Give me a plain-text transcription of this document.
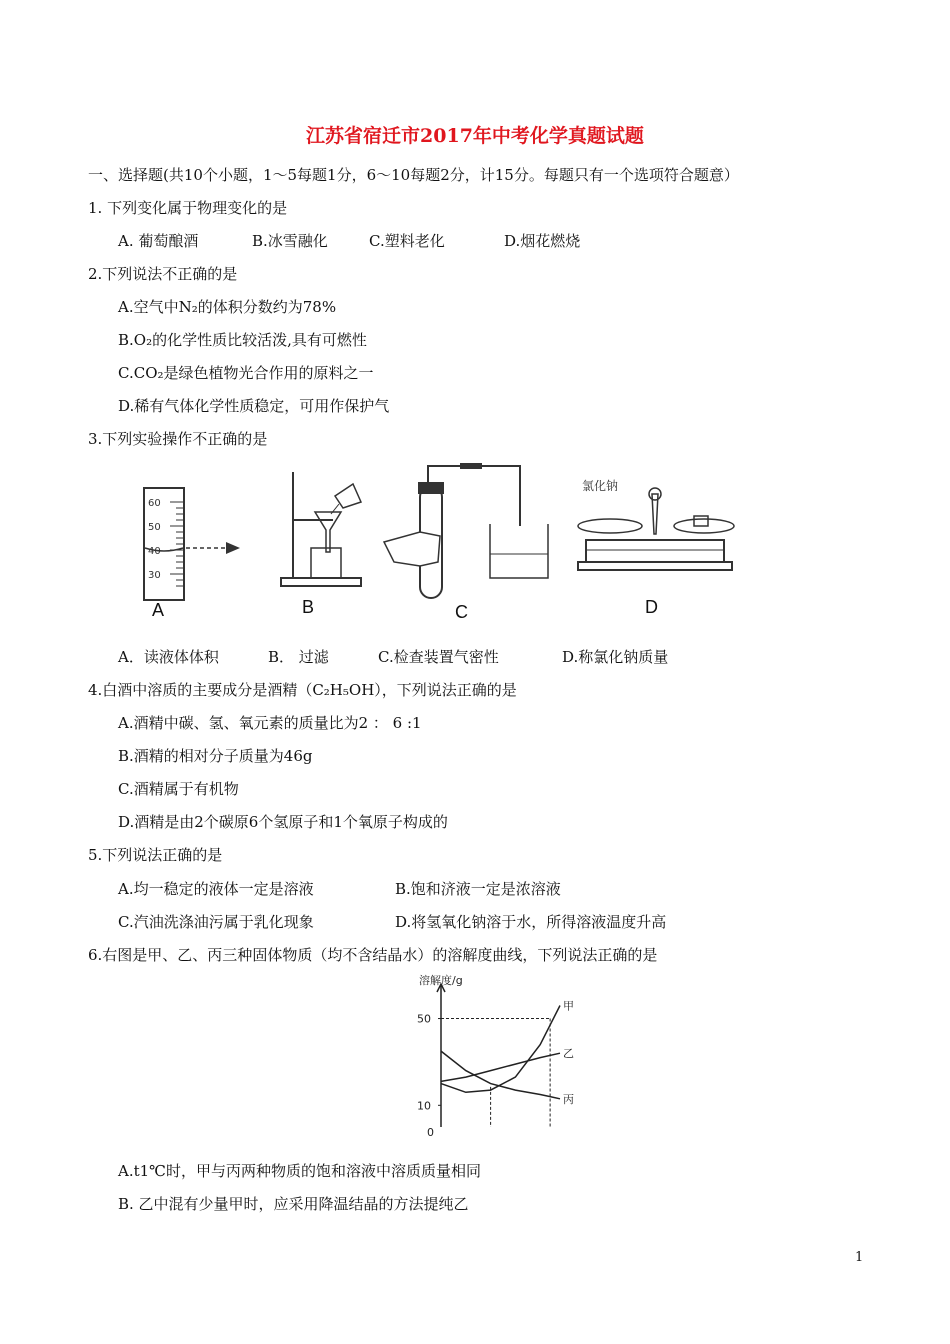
江苏省宿迁市2017年中考化学真题试题
一、选择题(共10个小题，1～5每题1分，6～10每题2分，计15分。每题只有一个选项符合题意）
1. 下列变化属于物理变化的是
A. 葡萄酿酒	B.冰雪融化	C.塑料老化	D.烟花燃烧
2.下列说法不正确的是
A.空气中N₂的体积分数约为78%
B.O₂的化学性质比较活泼,具有可燃性
C.CO₂是绿色植物光合作用的原料之一
D.稀有气体化学性质稳定，可用作保护气
3.下列实验操作不正确的是
60
50
40
30
A	B	C
氯化钠
D
A．读液体体积	B． 过滤	C.检查装置气密性	D.称氯化钠质量
4.白酒中溶质的主要成分是酒精（C₂H₅OH），下列说法正确的是
A.酒精中碳、氢、氧元素的质量比为2 ： 6 :1
B.酒精的相对分子质量为46g
C.酒精属于有机物
D.酒精是由2个碳原6个氢原子和1个氧原子构成的
5.下列说法正确的是
A.均一稳定的液体一定是溶液	B.饱和济液一定是浓溶液
C.汽油洗涤油污属于乳化现象	D.将氢氧化钠溶于水，所得溶液温度升高
6.右图是甲、乙、丙三种固体物质（均不含结晶水）的溶解度曲线，下列说法正确的是
溶解度/g
0
10
50
甲
乙
丙
A.t1℃时，甲与丙两种物质的饱和溶液中溶质质量相同
B. 乙中混有少量甲时，应采用降温结晶的方法提纯乙
1
